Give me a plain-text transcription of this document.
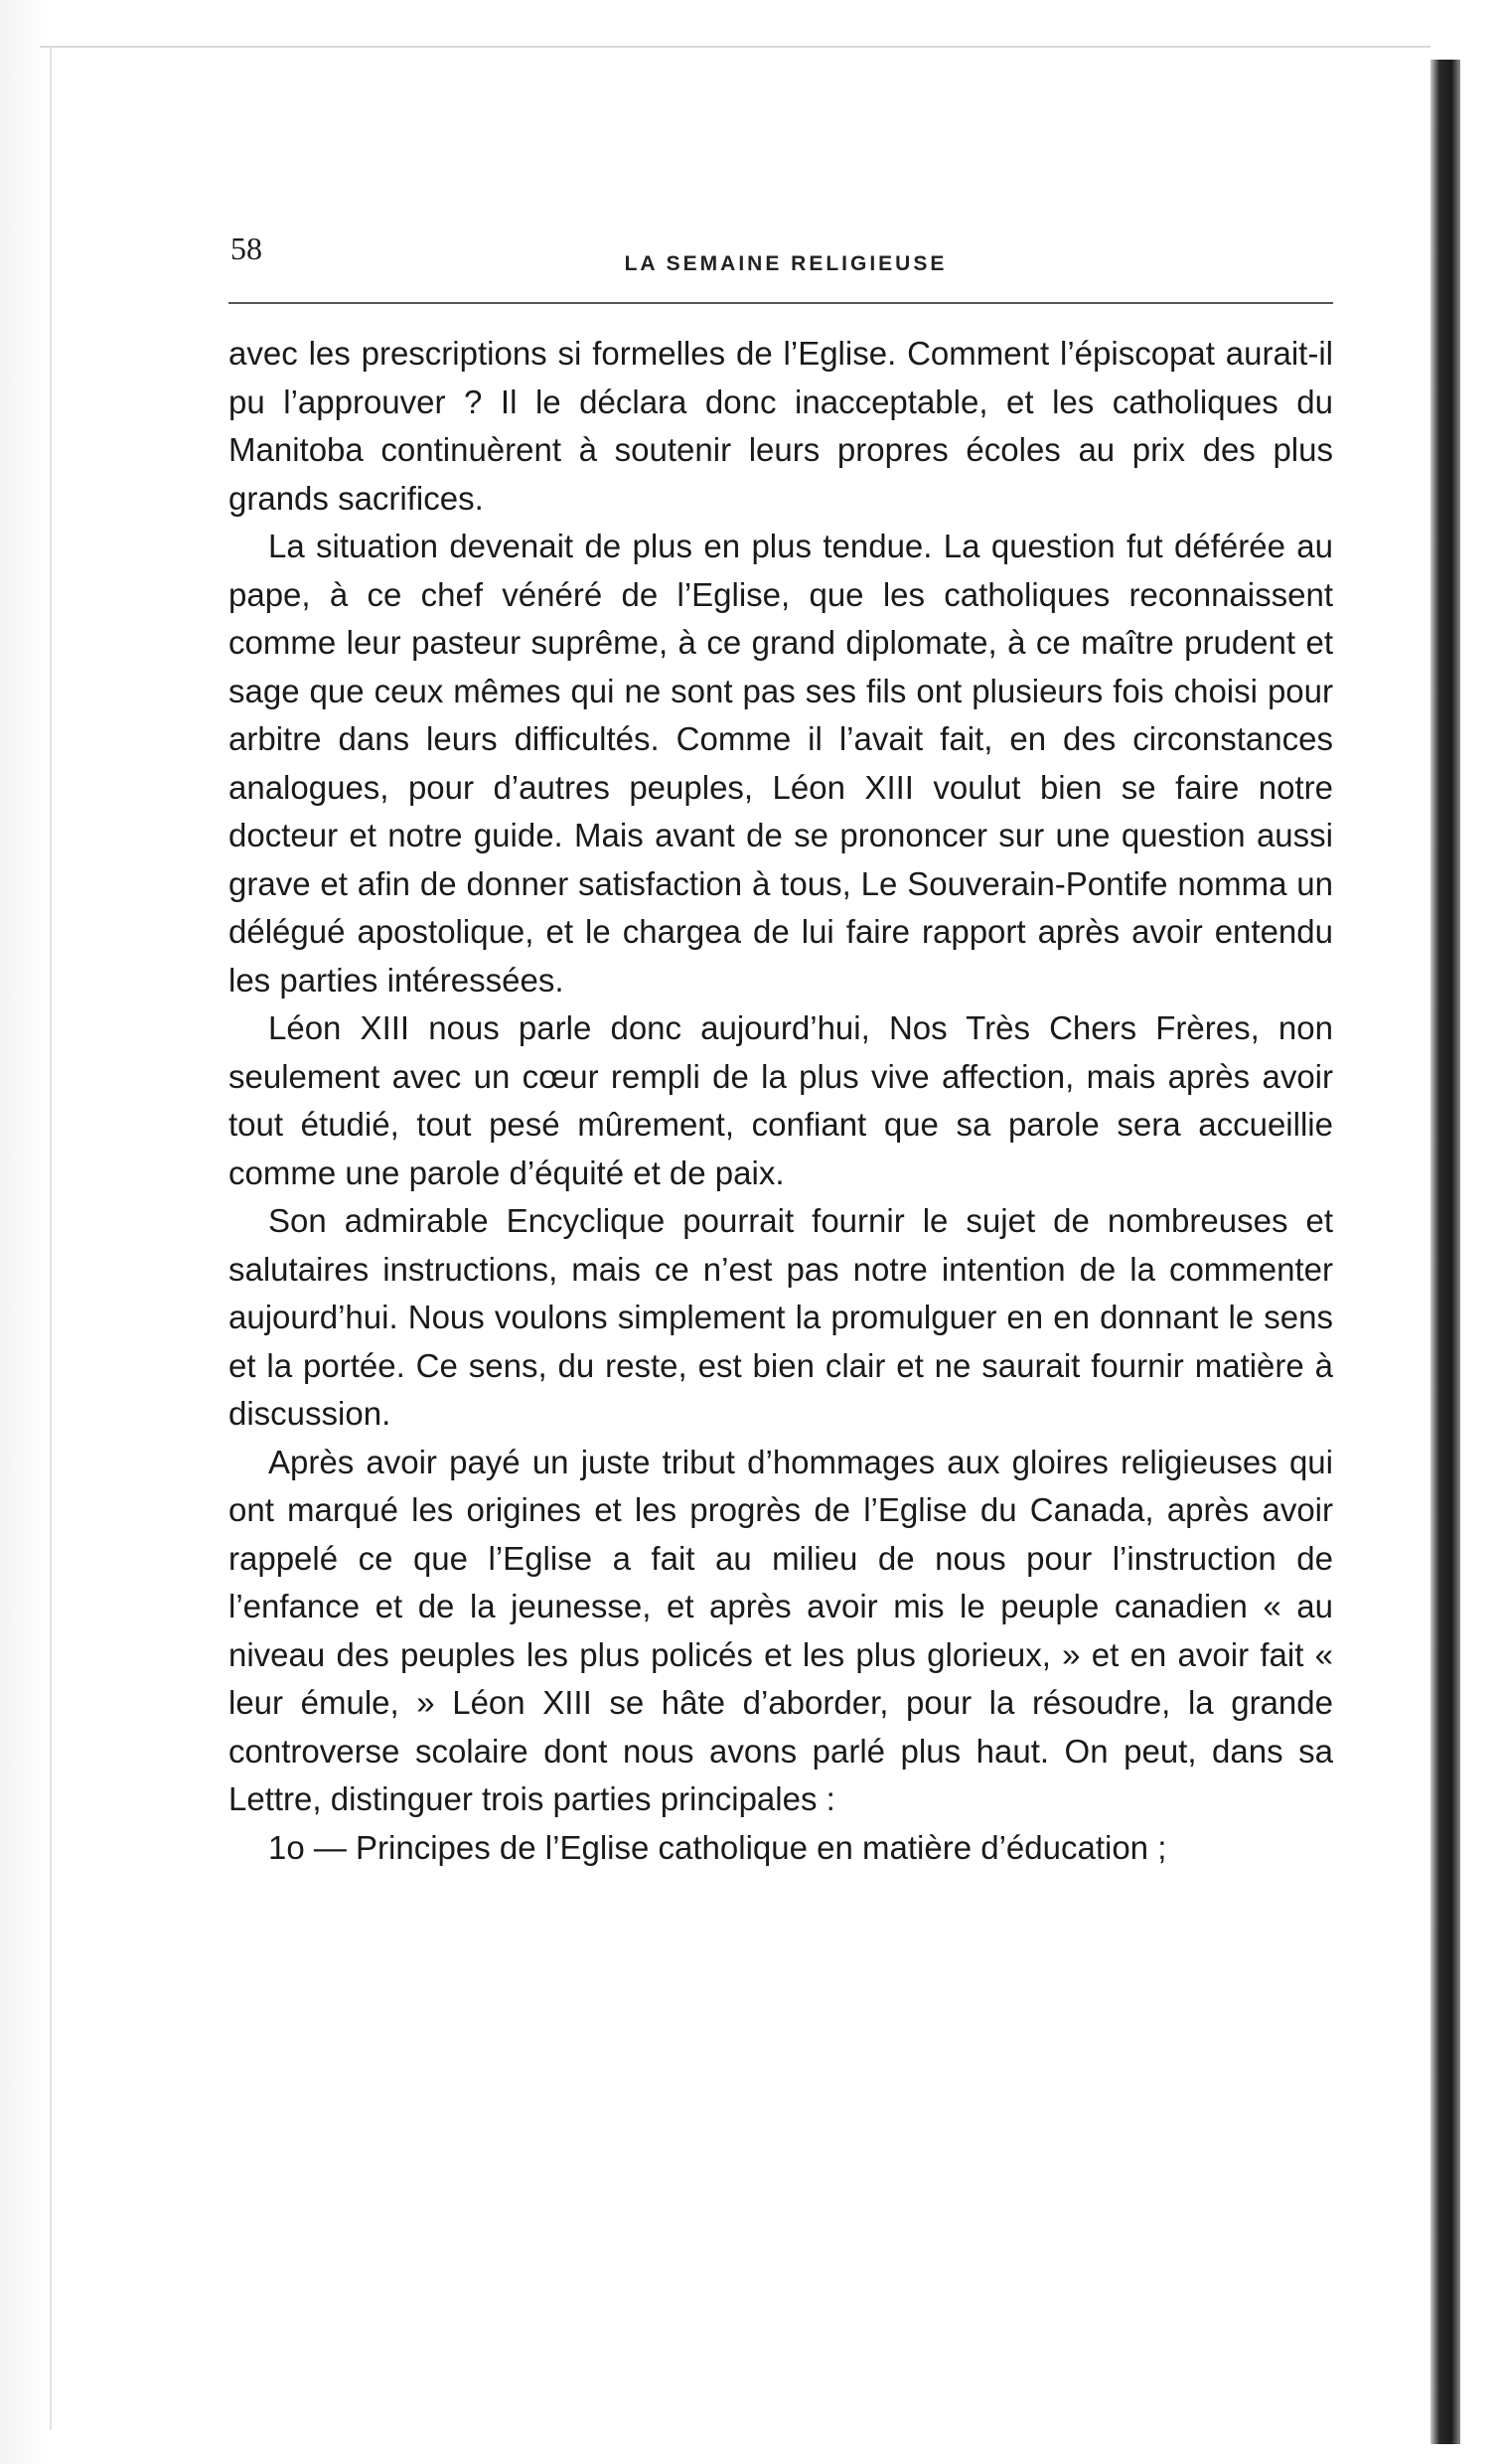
58	LA SEMAINE RELIGIEUSE

avec les prescriptions si formelles de l’Eglise. Comment l’épiscopat aurait-il pu l’approuver ? Il le déclara donc inacceptable, et les catholiques du Manitoba continuèrent à soutenir leurs propres écoles au prix des plus grands sacrifices.

La situation devenait de plus en plus tendue. La question fut déférée au pape, à ce chef vénéré de l’Eglise, que les catholiques reconnaissent comme leur pasteur suprême, à ce grand diplomate, à ce maître prudent et sage que ceux mêmes qui ne sont pas ses fils ont plusieurs fois choisi pour arbitre dans leurs difficultés. Comme il l’avait fait, en des circonstances analogues, pour d’autres peuples, Léon XIII voulut bien se faire notre docteur et notre guide. Mais avant de se prononcer sur une question aussi grave et afin de donner satisfaction à tous, Le Souverain-Pontife nomma un délégué apostolique, et le chargea de lui faire rapport après avoir entendu les parties intéressées.

Léon XIII nous parle donc aujourd’hui, Nos Très Chers Frères, non seulement avec un cœur rempli de la plus vive affection, mais après avoir tout étudié, tout pesé mûrement, confiant que sa parole sera accueillie comme une parole d’équité et de paix.

Son admirable Encyclique pourrait fournir le sujet de nombreuses et salutaires instructions, mais ce n’est pas notre intention de la commenter aujourd’hui. Nous voulons simplement la promulguer en en donnant le sens et la portée. Ce sens, du reste, est bien clair et ne saurait fournir matière à discussion.

Après avoir payé un juste tribut d’hommages aux gloires religieuses qui ont marqué les origines et les progrès de l’Eglise du Canada, après avoir rappelé ce que l’Eglise a fait au milieu de nous pour l’instruction de l’enfance et de la jeunesse, et après avoir mis le peuple canadien « au niveau des peuples les plus policés et les plus glorieux, » et en avoir fait « leur émule, » Léon XIII se hâte d’aborder, pour la résoudre, la grande controverse scolaire dont nous avons parlé plus haut. On peut, dans sa Lettre, distinguer trois parties principales :

1o — Principes de l’Eglise catholique en matière d’éducation ;
